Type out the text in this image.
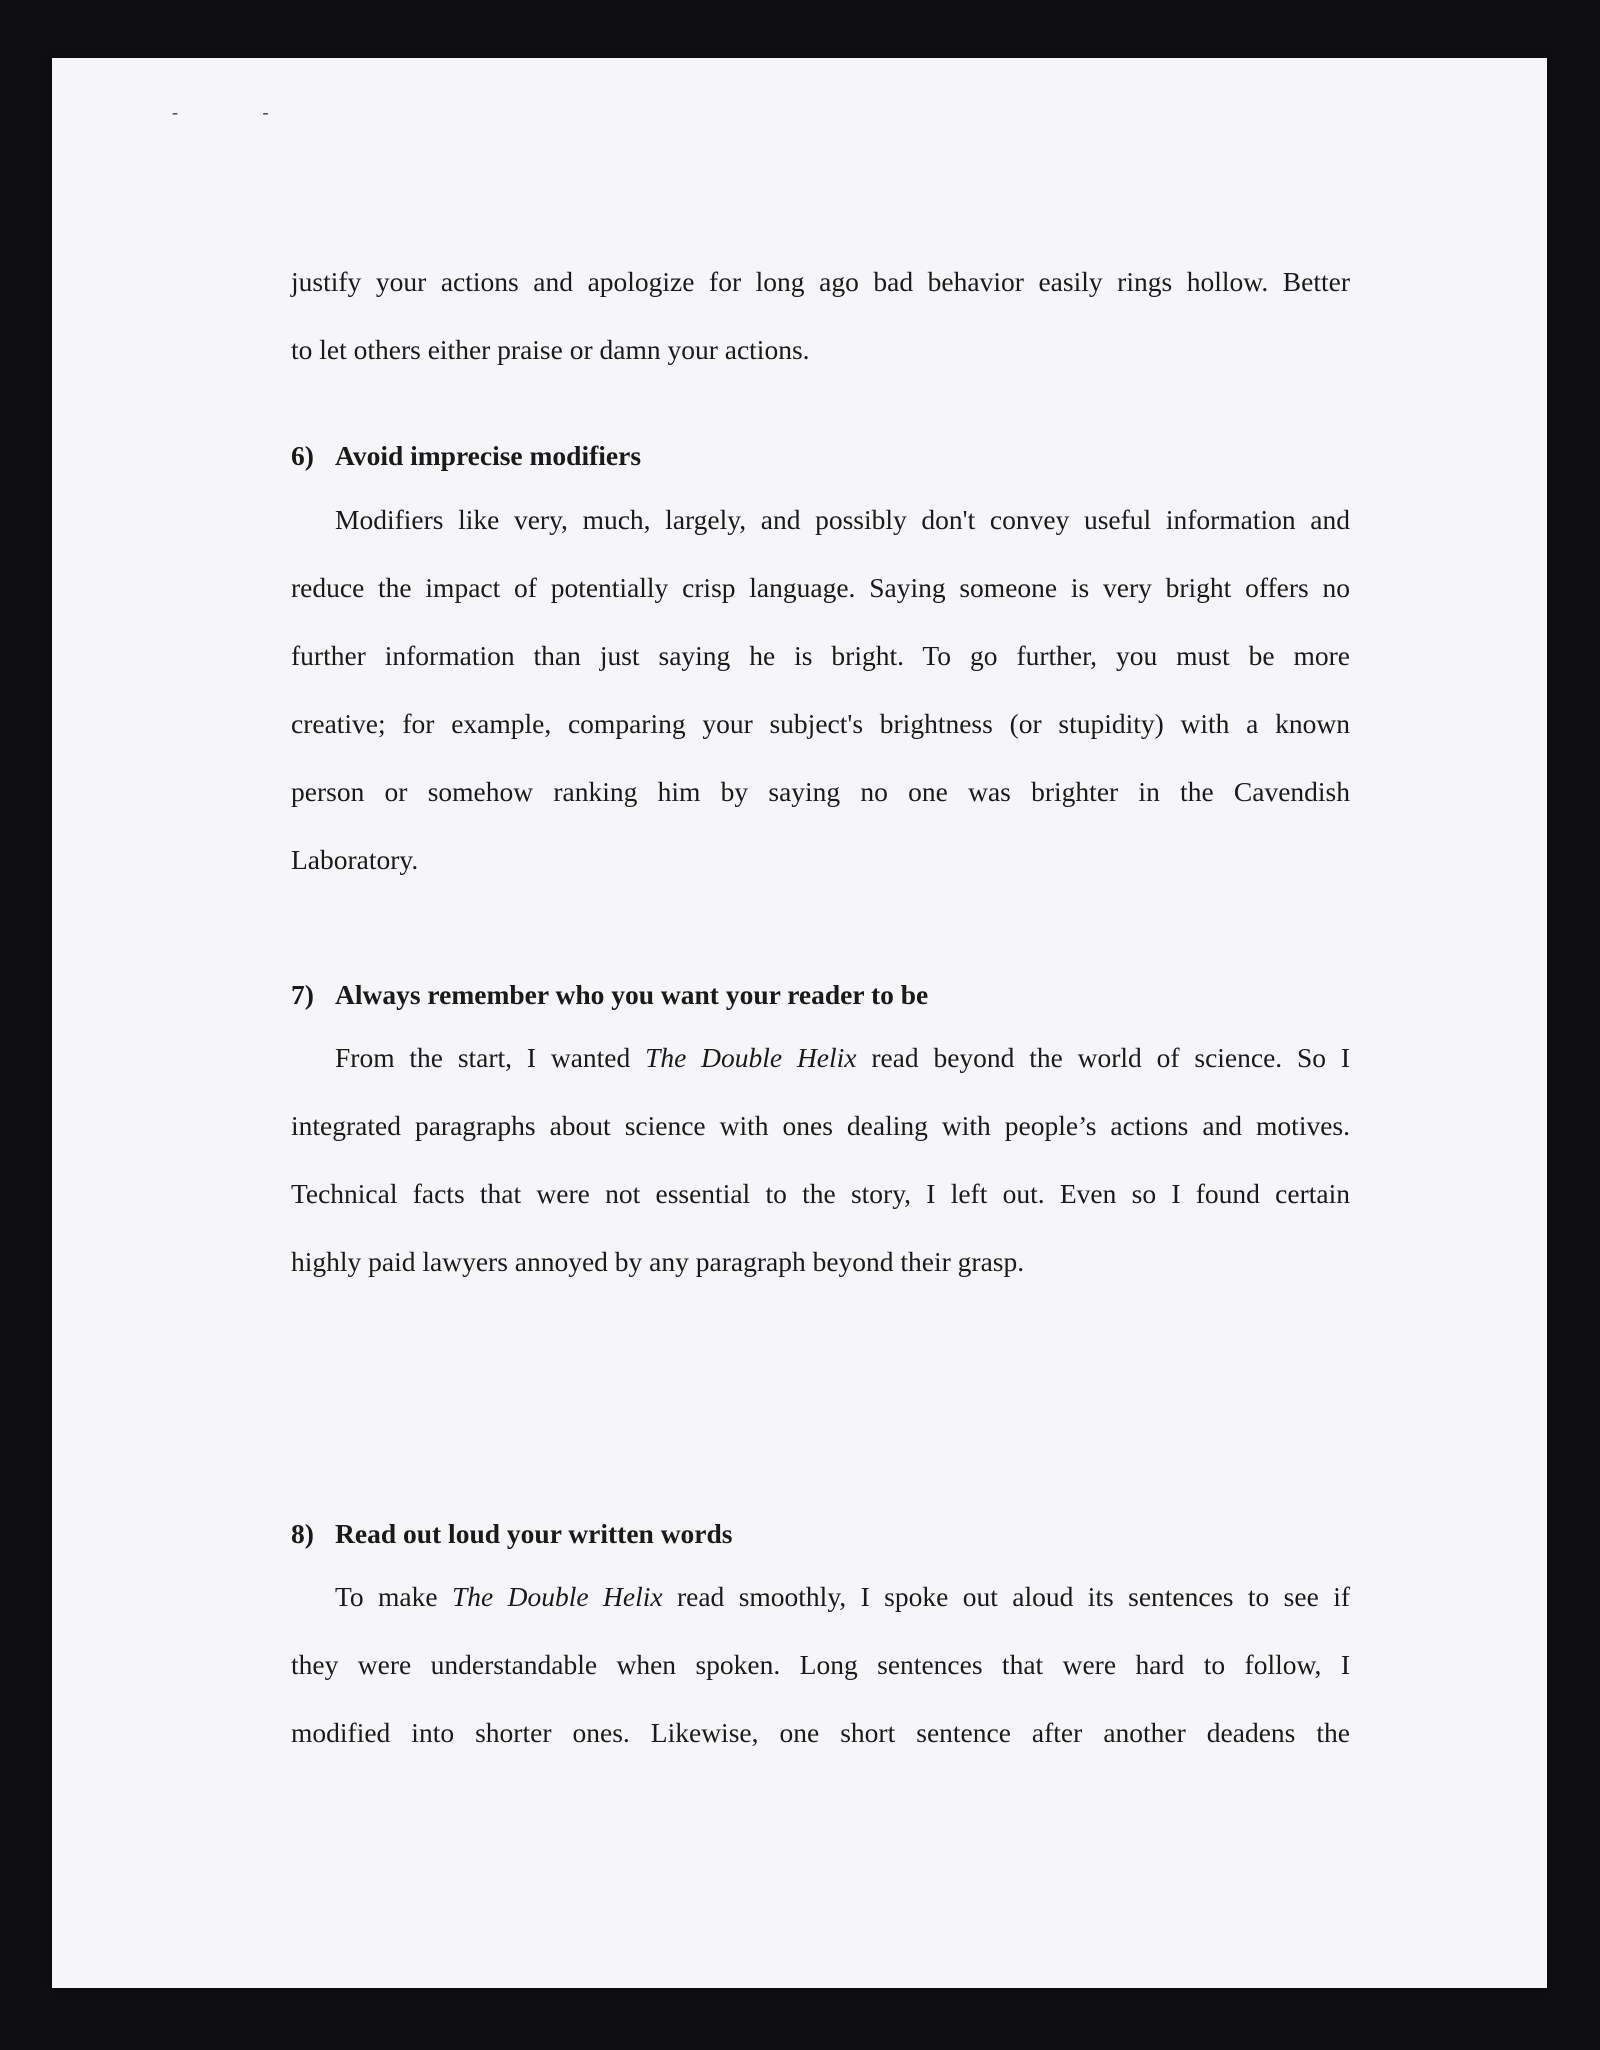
- -
justify your actions and apologize for long ago bad behavior easily rings hollow. Better
to let others either praise or damn your actions.
6) Avoid imprecise modifiers
Modifiers like very, much, largely, and possibly don't convey useful information and
reduce the impact of potentially crisp language. Saying someone is very bright offers no
further information than just saying he is bright. To go further, you must be more
creative; for example, comparing your subject's brightness (or stupidity) with a known
person or somehow ranking him by saying no one was brighter in the Cavendish
Laboratory.
7) Always remember who you want your reader to be
From the start, I wanted The Double Helix read beyond the world of science. So I
integrated paragraphs about science with ones dealing with people’s actions and motives.
Technical facts that were not essential to the story, I left out. Even so I found certain
highly paid lawyers annoyed by any paragraph beyond their grasp.
8) Read out loud your written words
To make The Double Helix read smoothly, I spoke out aloud its sentences to see if
they were understandable when spoken. Long sentences that were hard to follow, I
modified into shorter ones. Likewise, one short sentence after another deadens the
